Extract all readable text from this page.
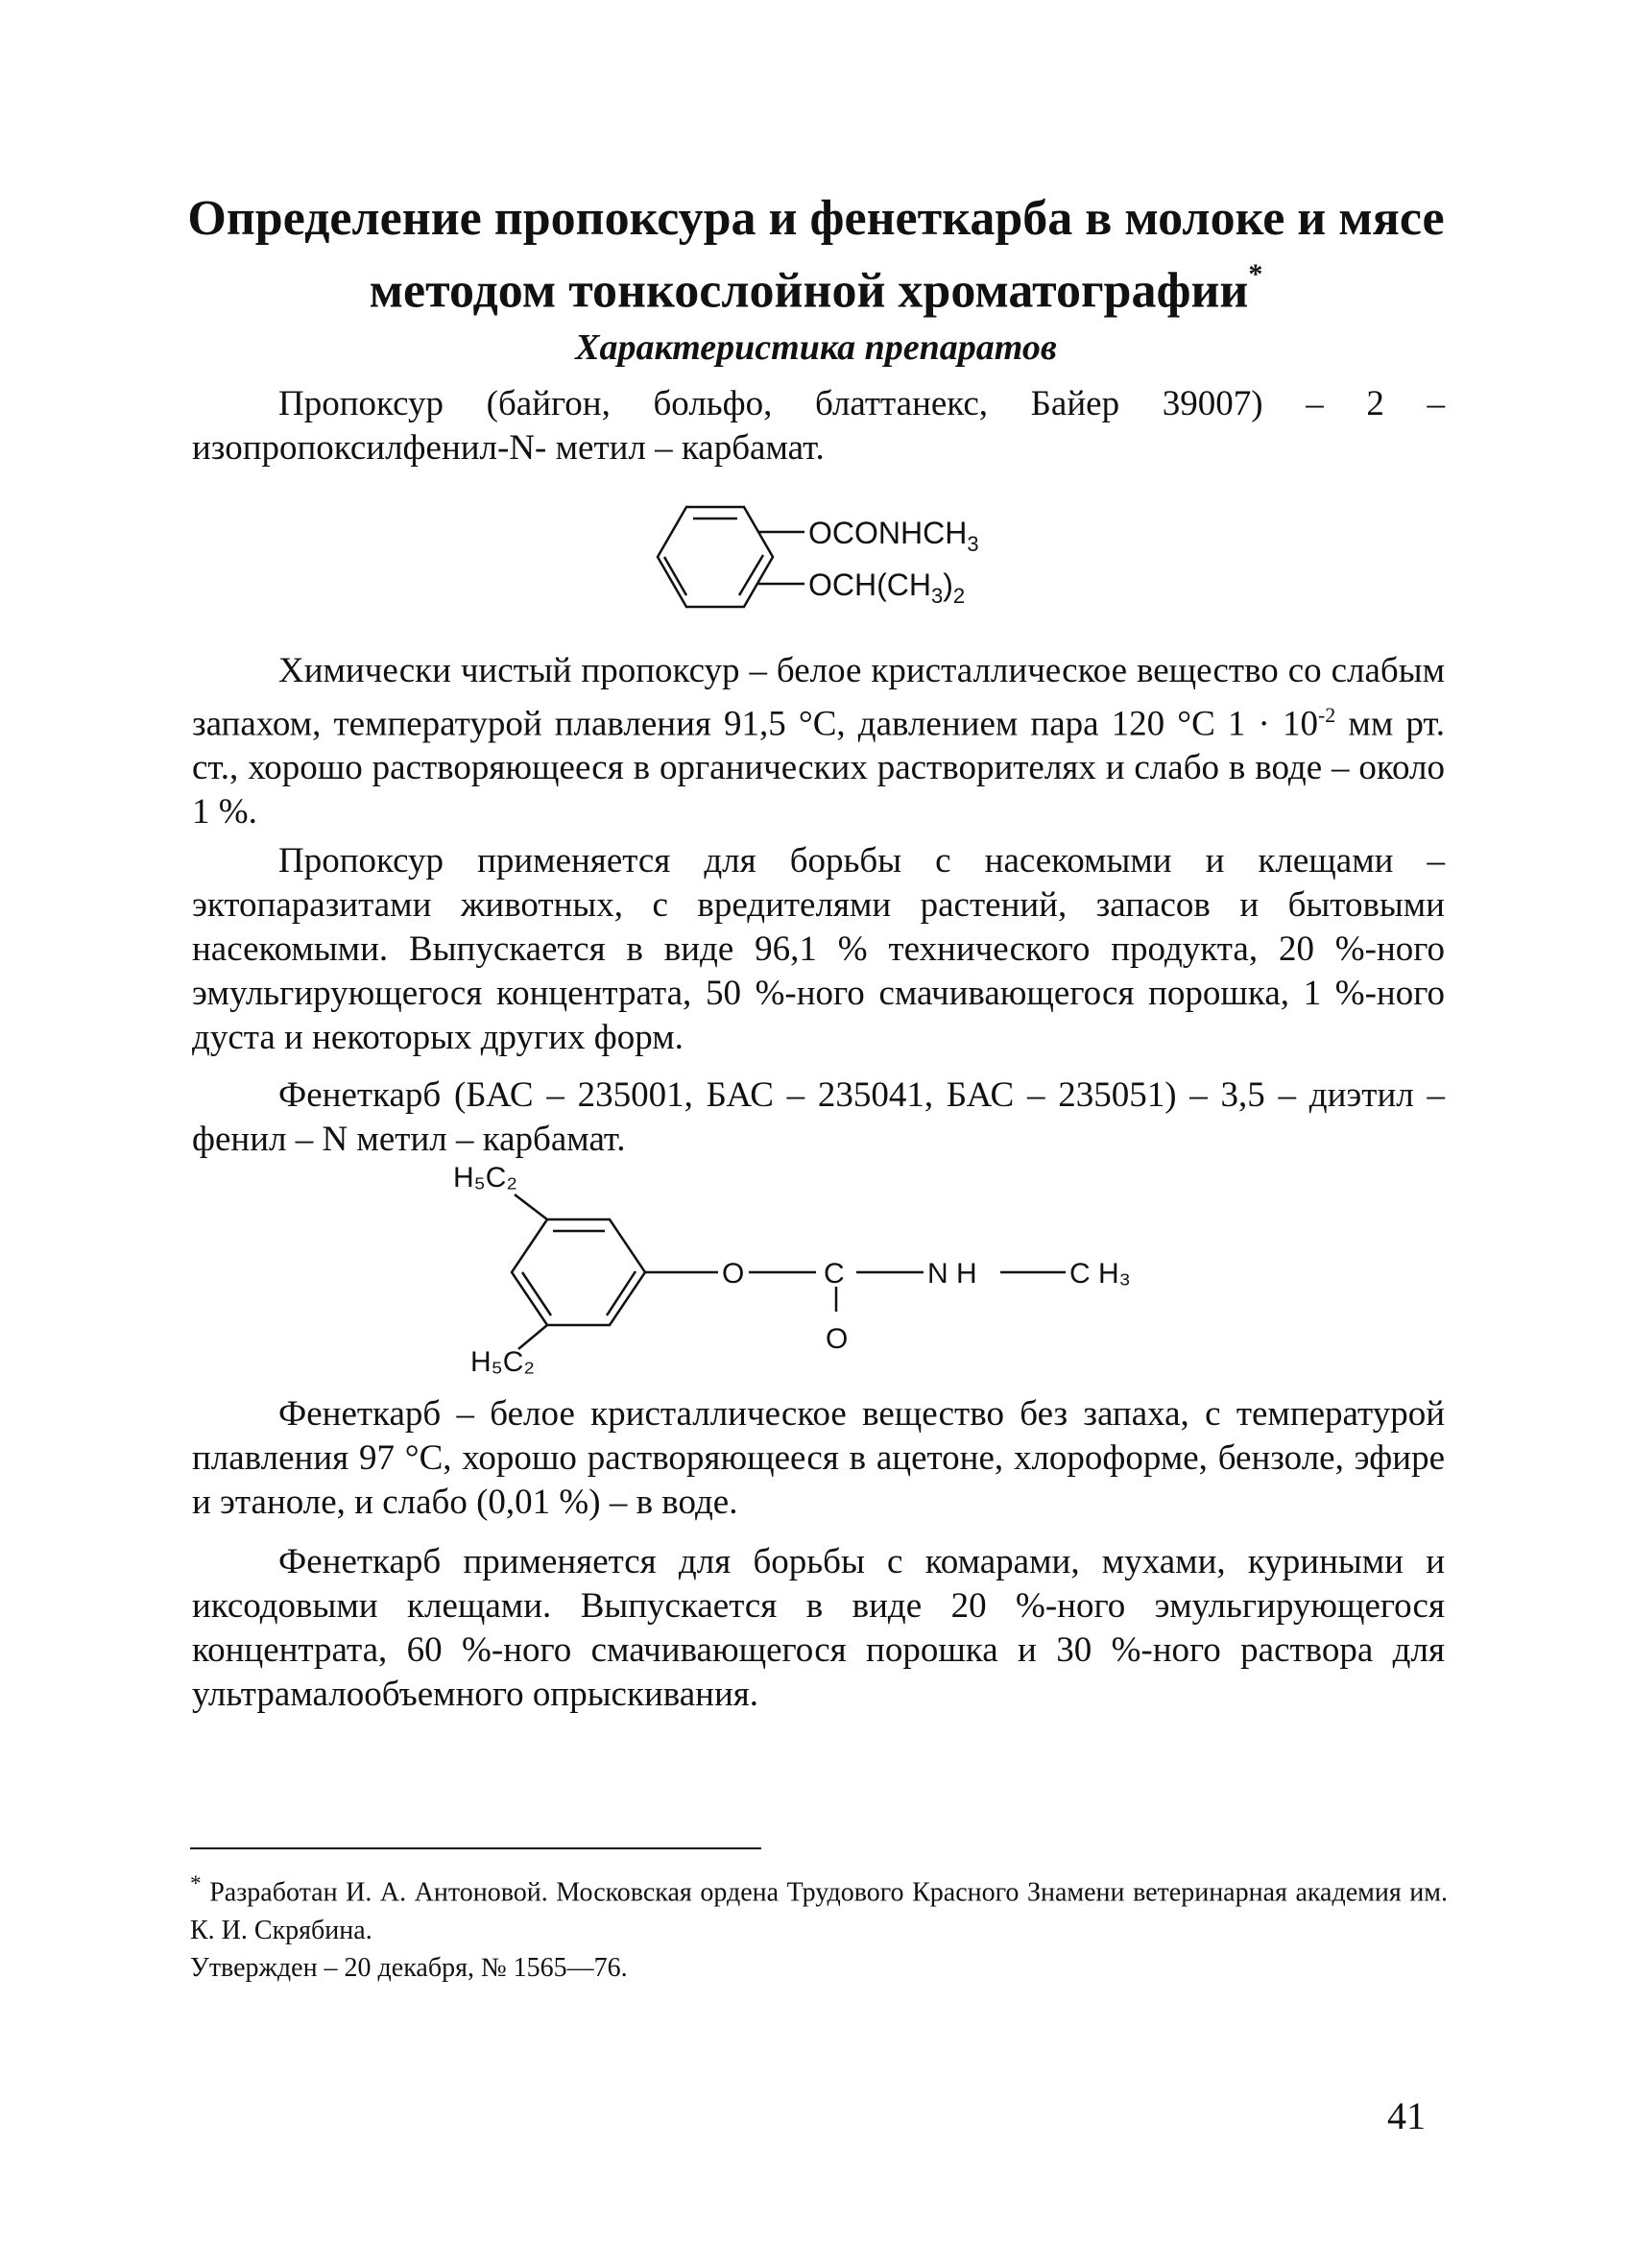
Определение пропоксура и фенеткарба в молоке и мясе
методом тонкослойной хроматографии*
Характеристика препаратов
Пропоксур (байгон, больфо, блаттанекс, Байер 39007) – 2 –изопропоксилфенил-N- метил – карбамат.
$OCONHCH_3$
$OCH(CH_3)_2$
Химически чистый пропоксур – белое кристаллическое вещество со слабым запахом, температурой плавления 91,5 °С, давлением пара 120 °С $1 \cdot 10^{-2}$ мм рт. ст., хорошо растворяющееся в органических растворителях и слабо в воде – около 1 %.
Пропоксур применяется для борьбы с насекомыми и клещами – эктопаразитами животных, с вредителями растений, запасов и бытовыми насекомыми. Выпускается в виде 96,1 % технического продукта, 20 %-ного эмульгирующегося концентрата, 50 %-ного смачивающегося порошка, 1 %-ного дуста и некоторых других форм.
Фенеткарб (БАС – 235001, БАС – 235041, БАС – 235051) – 3,5 – диэтил – фенил – N метил – карбамат.
H₅C₂
H₅C₂
O	C	N H	C H₃
O
Фенеткарб – белое кристаллическое вещество без запаха, с температурой плавления 97 °С, хорошо растворяющееся в ацетоне, хлороформе, бензоле, эфире и этаноле, и слабо (0,01 %) – в воде.
Фенеткарб применяется для борьбы с комарами, мухами, куриными и иксодовыми клещами. Выпускается в виде 20 %-ного эмульгирующегося концентрата, 60 %-ного смачивающегося порошка и 30 %-ного раствора для ультрамалообъемного опрыскивания.
* Разработан И. А. Антоновой. Московская ордена Трудового Красного Знамени ветеринарная академия им. К. И. Скрябина.
Утвержден – 20 декабря, № 1565—76.
41
